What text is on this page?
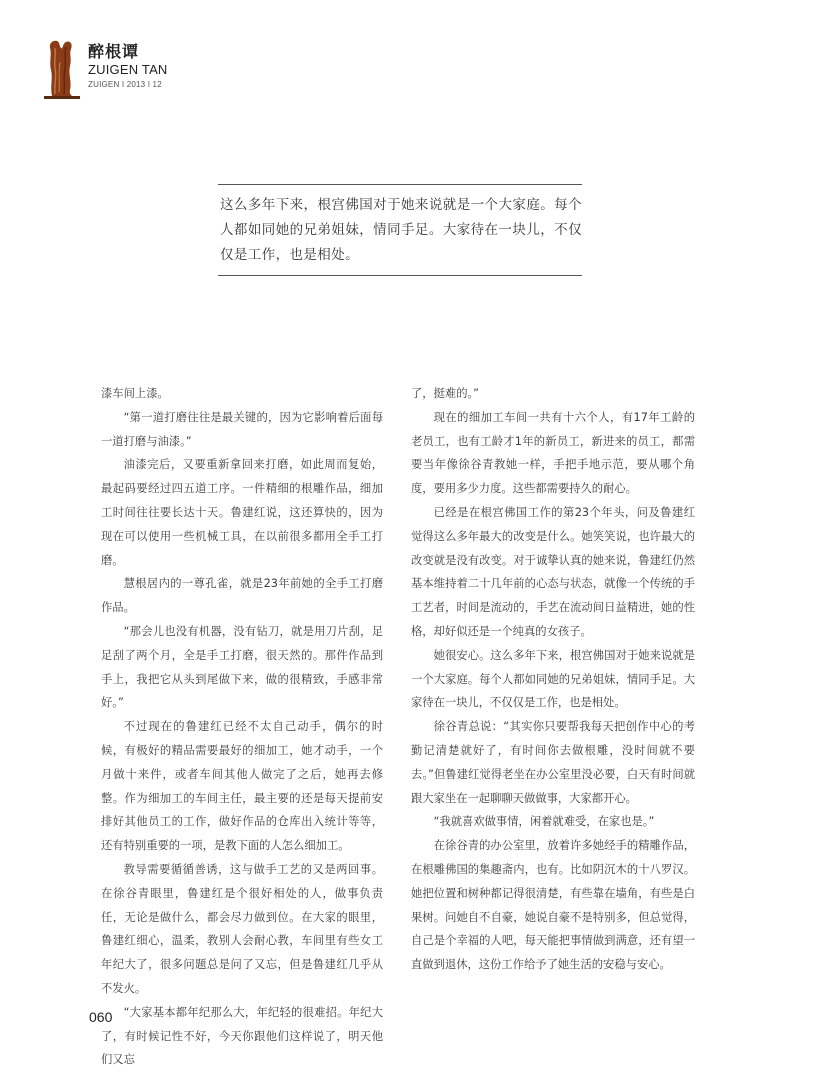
醉根谭
ZUIGEN TAN
ZUIGEN I 2013 I 12
这么多年下来，根宫佛国对于她来说就是一个大家庭。每个人都如同她的兄弟姐妹，情同手足。大家待在一块儿，不仅仅是工作，也是相处。

漆车间上漆。

“第一道打磨往往是最关键的，因为它影响着后面每一道打磨与油漆。”

油漆完后，又要重新拿回来打磨，如此周而复始，最起码要经过四五道工序。一件精细的根雕作品，细加工时间往往要长达十天。鲁建红说，这还算快的，因为现在可以使用一些机械工具，在以前很多都用全手工打磨。

慧根居内的一尊孔雀，就是23年前她的全手工打磨作品。

“那会儿也没有机器，没有钻刀，就是用刀片刮，足足刮了两个月，全是手工打磨，很天然的。那件作品到手上，我把它从头到尾做下来，做的很精致，手感非常好。”

不过现在的鲁建红已经不太自己动手，偶尔的时候，有极好的精品需要最好的细加工，她才动手，一个月做十来件，或者车间其他人做完了之后，她再去修整。作为细加工的车间主任，最主要的还是每天提前安排好其他员工的工作，做好作品的仓库出入统计等等，还有特别重要的一项，是教下面的人怎么细加工。

教导需要循循善诱，这与做手工艺的又是两回事。在徐谷青眼里，鲁建红是个很好相处的人，做事负责任，无论是做什么，都会尽力做到位。在大家的眼里，鲁建红细心，温柔，教别人会耐心教，车间里有些女工年纪大了，很多问题总是问了又忘，但是鲁建红几乎从不发火。

“大家基本都年纪那么大，年纪轻的很难招。年纪大了，有时候记性不好，今天你跟他们这样说了，明天他们又忘

了，挺难的。”

现在的细加工车间一共有十六个人，有17年工龄的老员工，也有工龄才1年的新员工，新进来的员工，都需要当年像徐谷青教她一样，手把手地示范，要从哪个角度，要用多少力度。这些都需要持久的耐心。

已经是在根宫佛国工作的第23个年头，问及鲁建红觉得这么多年最大的改变是什么。她笑笑说，也许最大的改变就是没有改变。对于诚挚认真的她来说，鲁建红仍然基本维持着二十几年前的心态与状态，就像一个传统的手工艺者，时间是流动的，手艺在流动间日益精进，她的性格，却好似还是一个纯真的女孩子。

她很安心。这么多年下来，根宫佛国对于她来说就是一个大家庭。每个人都如同她的兄弟姐妹，情同手足。大家待在一块儿，不仅仅是工作，也是相处。

徐谷青总说：“其实你只要帮我每天把创作中心的考勤记清楚就好了，有时间你去做根雕，没时间就不要去。”但鲁建红觉得老坐在办公室里没必要，白天有时间就跟大家坐在一起聊聊天做做事，大家都开心。

“我就喜欢做事情，闲着就难受，在家也是。”

在徐谷青的办公室里，放着许多她经手的精雕作品，在根雕佛国的集趣斋内，也有。比如阴沉木的十八罗汉。她把位置和树种都记得很清楚，有些靠在墙角，有些是白果树。问她自不自豪，她说自豪不是特别多，但总觉得，自己是个幸福的人吧，每天能把事情做到满意，还有望一直做到退休，这份工作给予了她生活的安稳与安心。

060
